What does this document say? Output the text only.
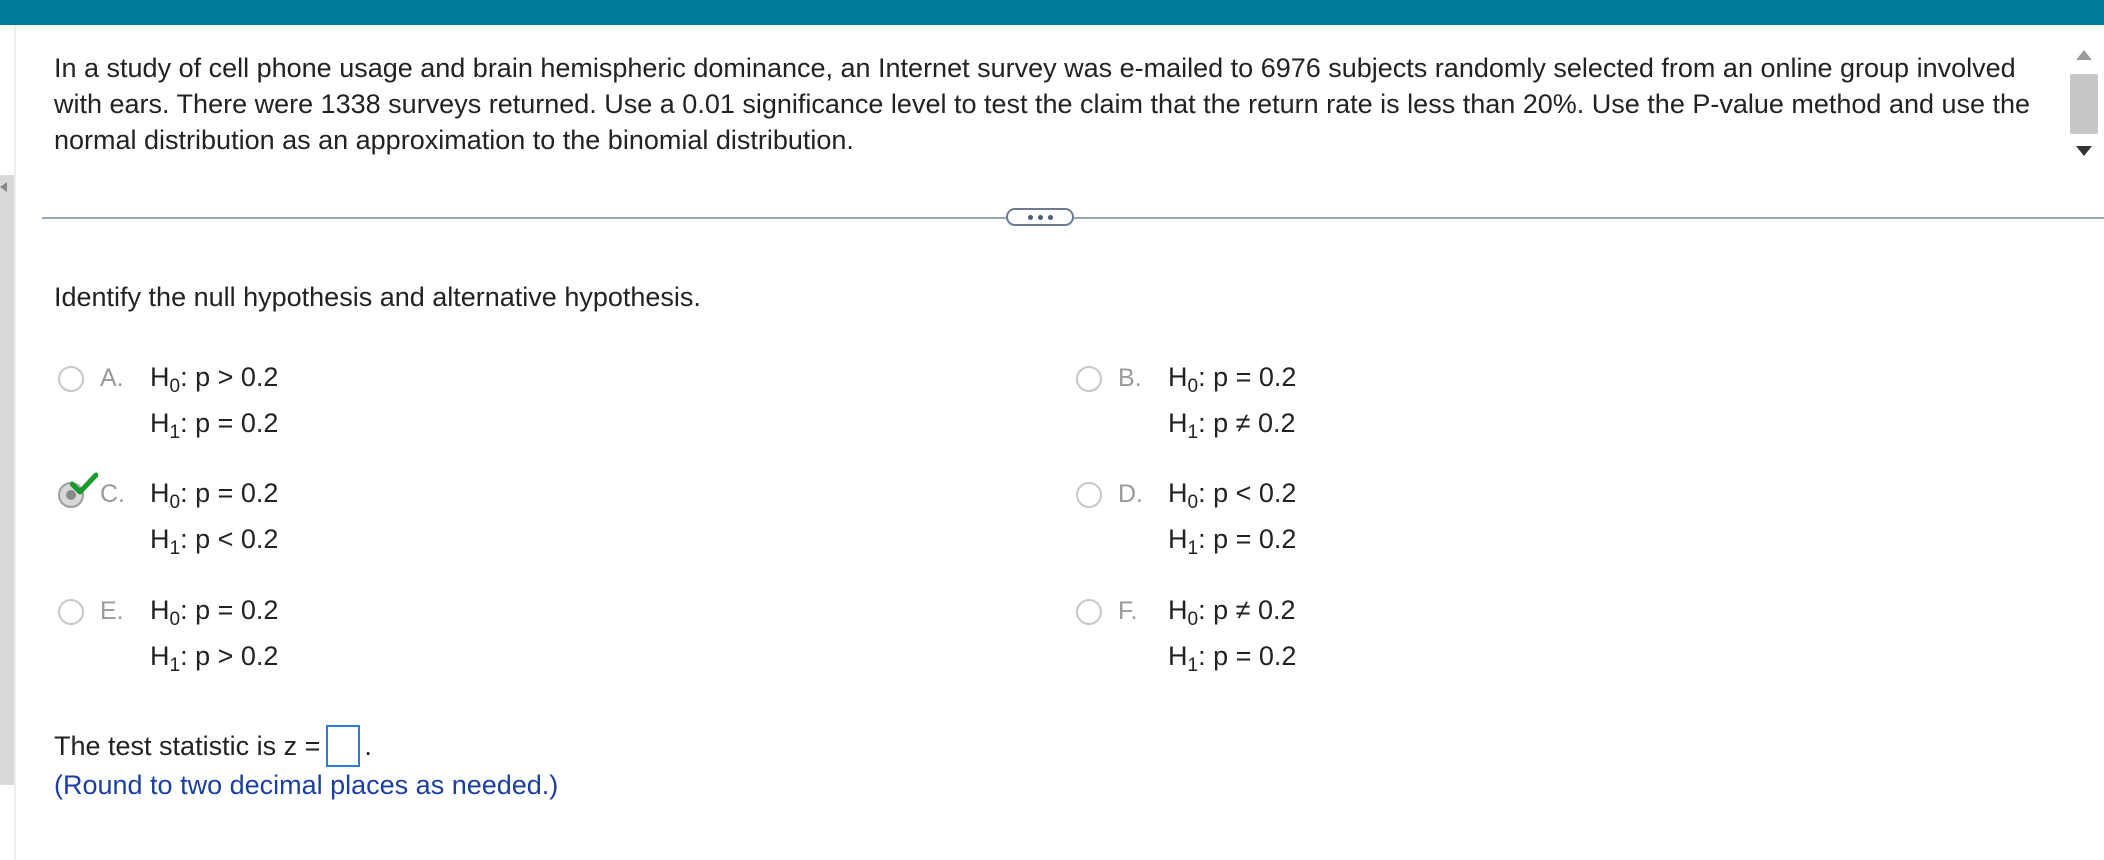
In a study of cell phone usage and brain hemispheric dominance, an Internet survey was e-mailed to 6976 subjects randomly selected from an online group involved with ears. There were 1338 surveys returned. Use a 0.01 significance level to test the claim that the return rate is less than 20%. Use the P-value method and use the normal distribution as an approximation to the binomial distribution.
Identify the null hypothesis and alternative hypothesis.
A. $H_0$: p > 0.2
$H_1$: p = 0.2
B. $H_0$: p = 0.2
$H_1$: p ≠ 0.2
C. $H_0$: p = 0.2
$H_1$: p < 0.2
D. $H_0$: p < 0.2
$H_1$: p = 0.2
E. $H_0$: p = 0.2
$H_1$: p > 0.2
F. $H_0$: p ≠ 0.2
$H_1$: p = 0.2
The test statistic is z = .
(Round to two decimal places as needed.)
